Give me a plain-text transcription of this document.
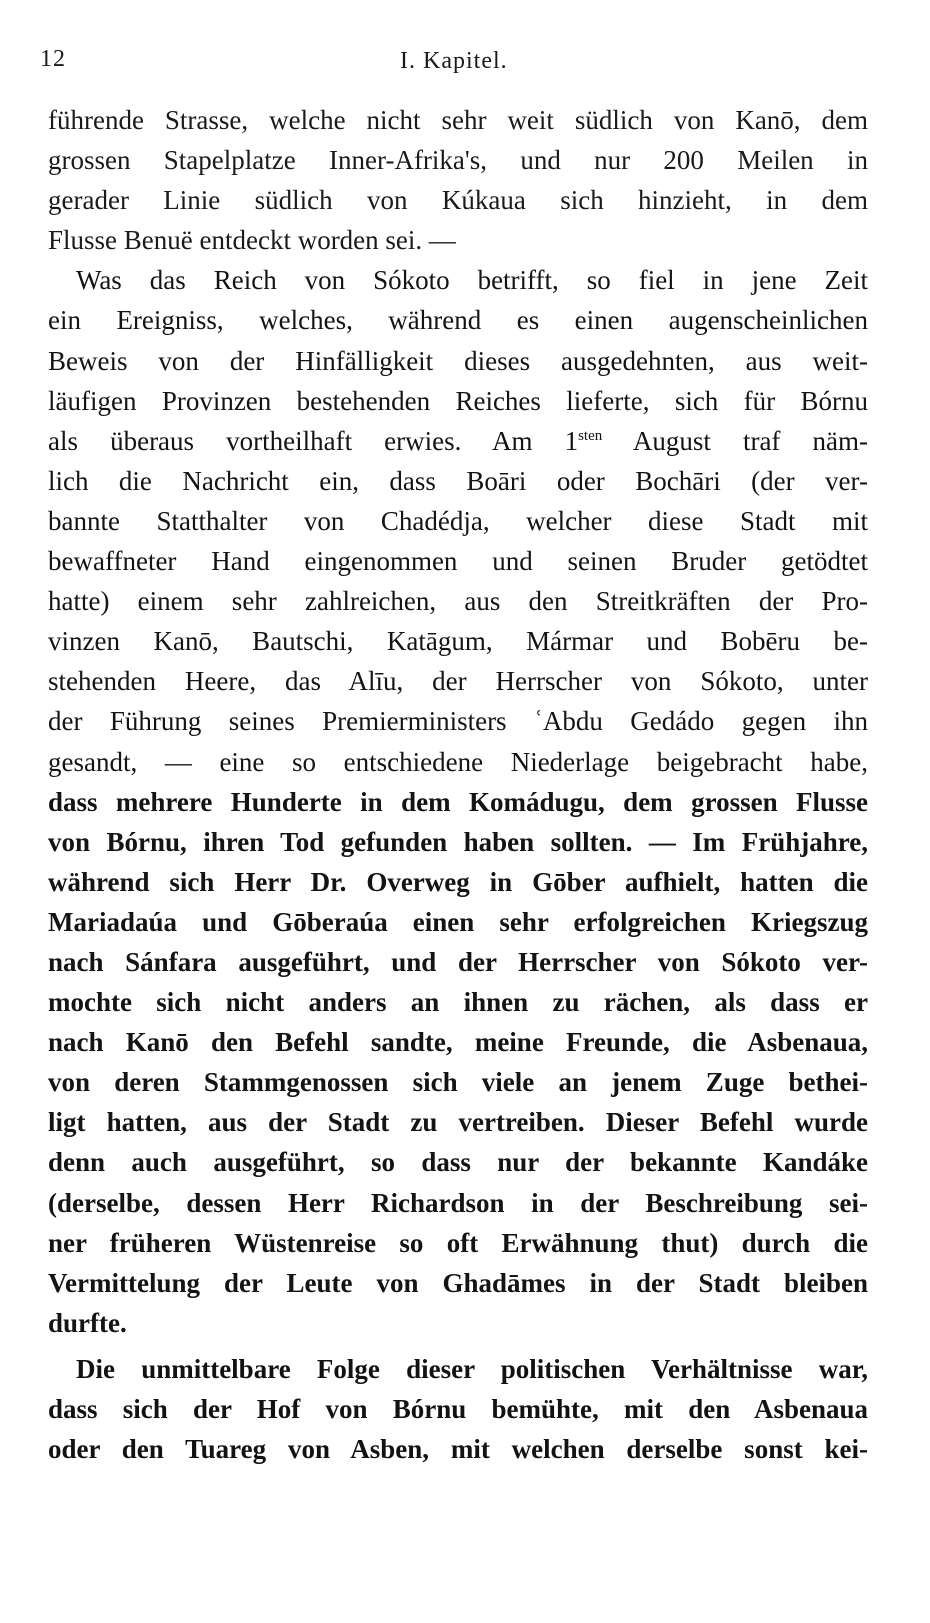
12	I. Kapitel.
führende Strasse, welche nicht sehr weit südlich von Kanō, dem
grossen Stapelplatze Inner-Afrika's, und nur 200 Meilen in
gerader Linie südlich von Kúkaua sich hinzieht, in dem
Flusse Benuë entdeckt worden sei. —
Was das Reich von Sókoto betrifft, so fiel in jene Zeit
ein Ereigniss, welches, während es einen augenscheinlichen
Beweis von der Hinfälligkeit dieses ausgedehnten, aus weit-
läufigen Provinzen bestehenden Reiches lieferte, sich für Bórnu
als überaus vortheilhaft erwies. Am $1^{sten}$ August traf näm-
lich die Nachricht ein, dass Boāri oder Bochāri (der ver-
bannte Statthalter von Chadédja, welcher diese Stadt mit
bewaffneter Hand eingenommen und seinen Bruder getödtet
hatte) einem sehr zahlreichen, aus den Streitkräften der Pro-
vinzen Kanō, Bautschi, Katāgum, Mármar und Bobēru be-
stehenden Heere, das Alīu, der Herrscher von Sókoto, unter
der Führung seines Premierministers ʿAbdu Gedádo gegen ihn
gesandt, — eine so entschiedene Niederlage beigebracht habe,
dass mehrere Hunderte in dem Komádugu, dem grossen Flusse
von Bórnu, ihren Tod gefunden haben sollten. — Im Frühjahre,
während sich Herr Dr. Overweg in Gōber aufhielt, hatten die
Mariadaúa und Gōberaúa einen sehr erfolgreichen Kriegszug
nach Sánfara ausgeführt, und der Herrscher von Sókoto ver-
mochte sich nicht anders an ihnen zu rächen, als dass er
nach Kanō den Befehl sandte, meine Freunde, die Asbenaua,
von deren Stammgenossen sich viele an jenem Zuge bethei-
ligt hatten, aus der Stadt zu vertreiben. Dieser Befehl wurde
denn auch ausgeführt, so dass nur der bekannte Kandáke
(derselbe, dessen Herr Richardson in der Beschreibung sei-
ner früheren Wüstenreise so oft Erwähnung thut) durch die
Vermittelung der Leute von Ghadāmes in der Stadt bleiben
durfte.
Die unmittelbare Folge dieser politischen Verhältnisse war,
dass sich der Hof von Bórnu bemühte, mit den Asbenaua
oder den Tuareg von Asben, mit welchen derselbe sonst kei-
